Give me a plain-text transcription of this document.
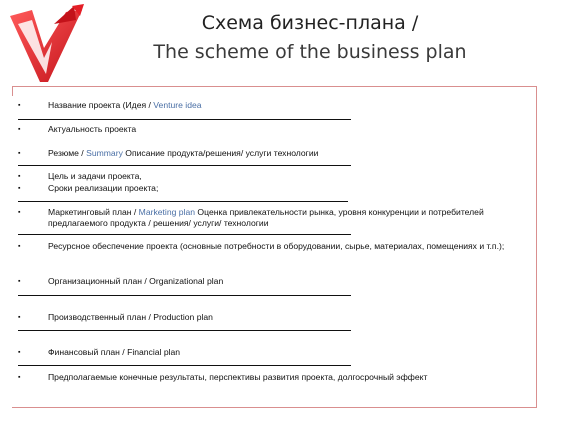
Схема бизнес-плана /
The scheme of the business plan
▪	Название проекта (Идея / Venture idea
▪	Актуальность проекта
▪	Резюме / Summary Описание продукта/решения/ услуги технологии
▪	Цель и задачи проекта,
▪	Сроки реализации проекта;
▪	Маркетинговый план / Marketing plan Оценка привлекательности рынка, уровня конкуренции и потребителей предлагаемого продукта / решения/ услуги/ технологии
▪	Ресурсное обеспечение проекта (основные потребности в оборудовании, сырье, материалах, помещениях и т.п.);
▪	Организационный план / Organizational plan
▪	Производственный план / Production plan
▪	Финансовый план / Financial plan
▪	Предполагаемые конечные результаты, перспективы развития проекта, долгосрочный эффект
